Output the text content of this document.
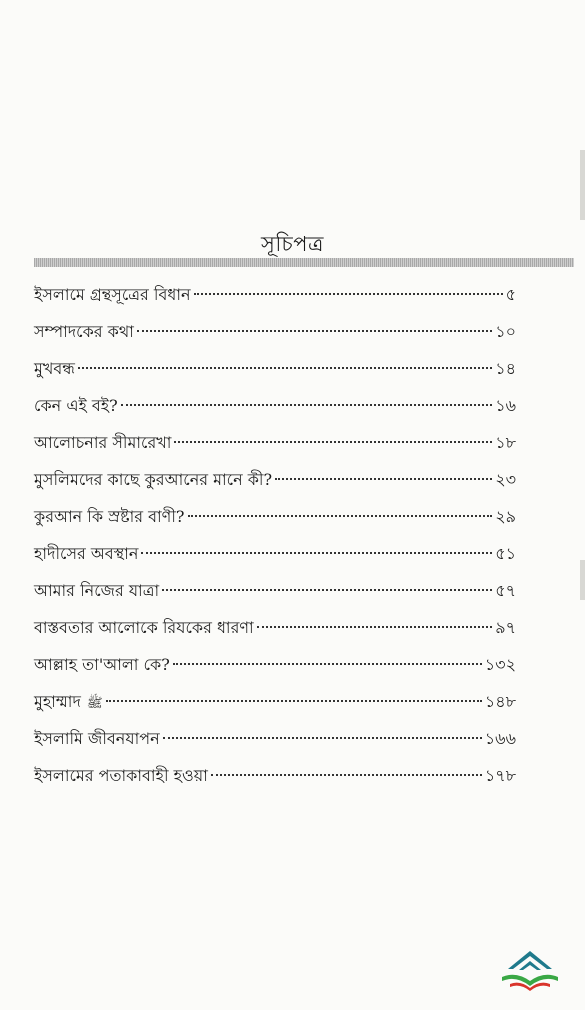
সূচিপত্র
ইসলামে গ্রন্থসূত্রের বিধান	৫
সম্পাদকের কথা	১০
মুখবন্ধ	১৪
কেন এই বই?	১৬
আলোচনার সীমারেখা	১৮
মুসলিমদের কাছে কুরআনের মানে কী?	২৩
কুরআন কি স্রষ্টার বাণী?	২৯
হাদীসের অবস্থান	৫১
আমার নিজের যাত্রা	৫৭
বাস্তবতার আলোকে রিযকের ধারণা	৯৭
আল্লাহ তা'আলা কে?	১৩২
মুহাম্মাদ ﷺ	১৪৮
ইসলামি জীবনযাপন	১৬৬
ইসলামের পতাকাবাহী হওয়া	১৭৮
